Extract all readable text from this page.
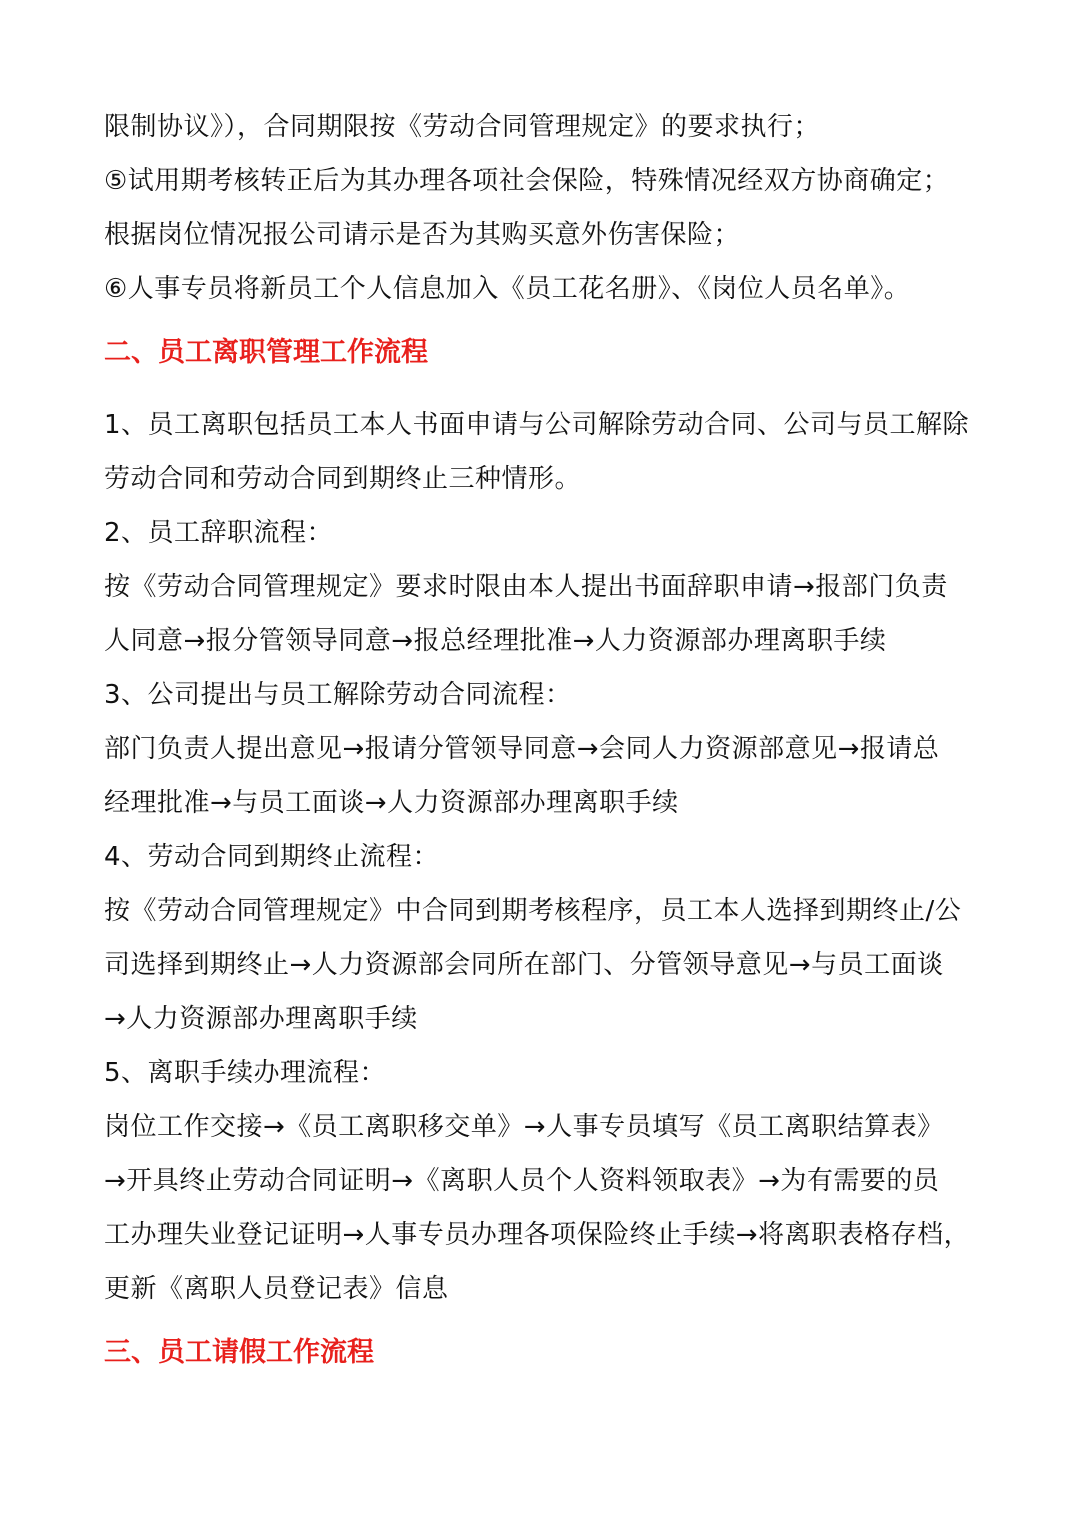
限制协议》），合同期限按《劳动合同管理规定》的要求执行；
⑤试用期考核转正后为其办理各项社会保险，特殊情况经双方协商确定；
根据岗位情况报公司请示是否为其购买意外伤害保险；
⑥人事专员将新员工个人信息加入《员工花名册》、《岗位人员名单》。
二、员工离职管理工作流程
1、员工离职包括员工本人书面申请与公司解除劳动合同、公司与员工解除
劳动合同和劳动合同到期终止三种情形。
2、员工辞职流程：
按《劳动合同管理规定》要求时限由本人提出书面辞职申请→报部门负责
人同意→报分管领导同意→报总经理批准→人力资源部办理离职手续
3、公司提出与员工解除劳动合同流程：
部门负责人提出意见→报请分管领导同意→会同人力资源部意见→报请总
经理批准→与员工面谈→人力资源部办理离职手续
4、劳动合同到期终止流程：
按《劳动合同管理规定》中合同到期考核程序，员工本人选择到期终止/公
司选择到期终止→人力资源部会同所在部门、分管领导意见→与员工面谈
→人力资源部办理离职手续
5、离职手续办理流程：
岗位工作交接→《员工离职移交单》→人事专员填写《员工离职结算表》
→开具终止劳动合同证明→《离职人员个人资料领取表》→为有需要的员
工办理失业登记证明→人事专员办理各项保险终止手续→将离职表格存档，
更新《离职人员登记表》信息
三、员工请假工作流程
